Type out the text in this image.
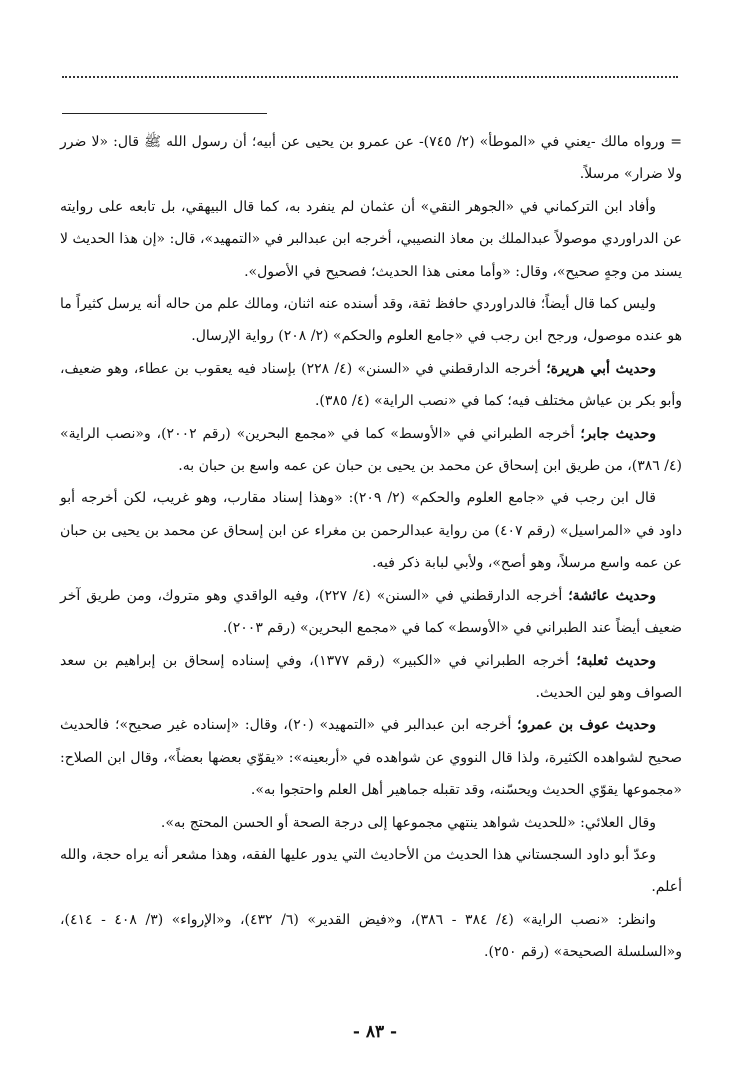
= ورواه مالك -يعني في «الموطأ» (٢/ ٧٤٥)- عن عمرو بن يحيى عن أبيه؛ أن رسول الله ﷺ قال: «لا ضرر ولا ضرار» مرسلاً.

وأفاد ابن التركماني في «الجوهر النقي» أن عثمان لم ينفرد به، كما قال البيهقي، بل تابعه على روايته عن الدراوردي موصولاً عبدالملك بن معاذ النصيبي، أخرجه ابن عبدالبر في «التمهيد»، قال: «إن هذا الحديث لا يسند من وجهٍ صحيح»، وقال: «وأما معنى هذا الحديث؛ فصحيح في الأصول».

وليس كما قال أيضاً؛ فالدراوردي حافظ ثقة، وقد أسنده عنه اثنان، ومالك علم من حاله أنه يرسل كثيراً ما هو عنده موصول، ورجح ابن رجب في «جامع العلوم والحكم» (٢/ ٢٠٨) رواية الإرسال.

وحديث أبي هريرة؛ أخرجه الدارقطني في «السنن» (٤/ ٢٢٨) بإسناد فيه يعقوب بن عطاء، وهو ضعيف، وأبو بكر بن عياش مختلف فيه؛ كما في «نصب الراية» (٤/ ٣٨٥).

وحديث جابر؛ أخرجه الطبراني في «الأوسط» كما في «مجمع البحرين» (رقم ٢٠٠٢)، و«نصب الراية» (٤/ ٣٨٦)، من طريق ابن إسحاق عن محمد بن يحيى بن حبان عن عمه واسع بن حبان به.

قال ابن رجب في «جامع العلوم والحكم» (٢/ ٢٠٩): «وهذا إسناد مقارب، وهو غريب، لكن أخرجه أبو داود في «المراسيل» (رقم ٤٠٧) من رواية عبدالرحمن بن مغراء عن ابن إسحاق عن محمد بن يحيى بن حبان عن عمه واسع مرسلاً، وهو أصح»، ولأبي لبابة ذكر فيه.

وحديث عائشة؛ أخرجه الدارقطني في «السنن» (٤/ ٢٢٧)، وفيه الواقدي وهو متروك، ومن طريق آخر ضعيف أيضاً عند الطبراني في «الأوسط» كما في «مجمع البحرين» (رقم ٢٠٠٣).

وحديث ثعلبة؛ أخرجه الطبراني في «الكبير» (رقم ١٣٧٧)، وفي إسناده إسحاق بن إبراهيم بن سعد الصواف وهو لين الحديث.

وحديث عوف بن عمرو؛ أخرجه ابن عبدالبر في «التمهيد» (٢٠)، وقال: «إسناده غير صحيح»؛ فالحديث صحيح لشواهده الكثيرة، ولذا قال النووي عن شواهده في «أربعينه»: «يقوّي بعضها بعضاً»، وقال ابن الصلاح: «مجموعها يقوّي الحديث ويحسّنه، وقد تقبله جماهير أهل العلم واحتجوا به».

وقال العلائي: «للحديث شواهد ينتهي مجموعها إلى درجة الصحة أو الحسن المحتج به».

وعدّ أبو داود السجستاني هذا الحديث من الأحاديث التي يدور عليها الفقه، وهذا مشعر أنه يراه حجة، والله أعلم.

وانظر: «نصب الراية» (٤/ ٣٨٤ - ٣٨٦)، و«فيض القدير» (٦/ ٤٣٢)، و«الإرواء» (٣/ ٤٠٨ - ٤١٤)، و«السلسلة الصحيحة» (رقم ٢٥٠).

- ٨٣ -
